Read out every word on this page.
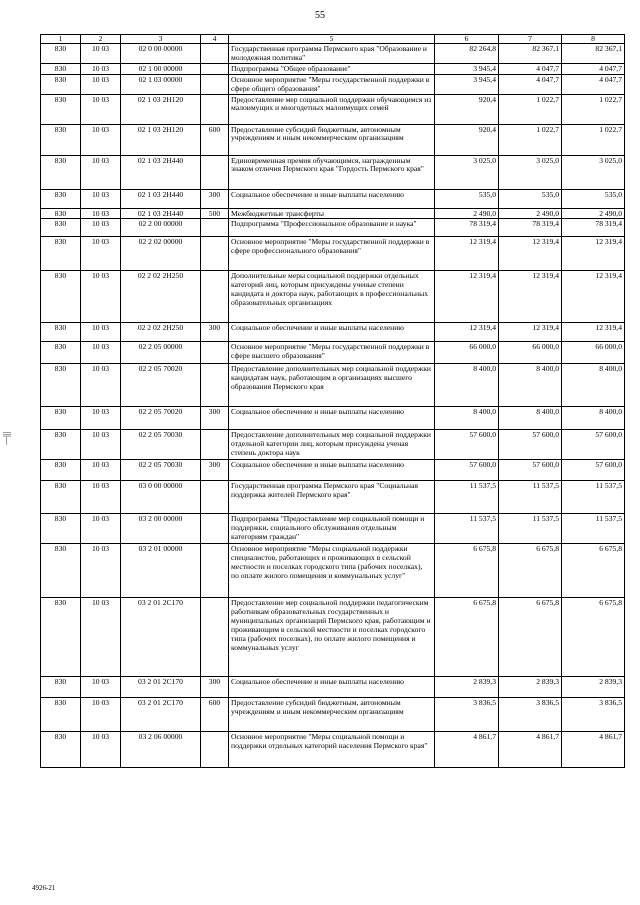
55
|||—
1	2	3	4	5	6	7	8
830	10 03	02 0 00 00000		Государственная программа Пермского края "Образование и молодежная политика"	82 264,8	82 367,1	82 367,1
830	10 03	02 1 00 00000		Подпрограмма "Общее образование"	3 945,4	4 047,7	4 047,7
830	10 03	02 1 03 00000		Основное мероприятие "Меры государственной поддержки в сфере общего образования"	3 945,4	4 047,7	4 047,7
830	10 03	02 1 03 2Н120		Предоставление мер социальной поддержки обучающимся из малоимущих и многодетных малоимущих семей	920,4	1 022,7	1 022,7
830	10 03	02 1 03 2Н120	600	Предоставление субсидий бюджетным, автономным учреждениям и иным некоммерческим организациям	920,4	1 022,7	1 022,7
830	10 03	02 1 03 2Н440		Единовременная премия обучающимся, награжденным знаком отличия Пермского края "Гордость Пермского края"	3 025,0	3 025,0	3 025,0
830	10 03	02 1 03 2Н440	300	Социальное обеспечение и иные выплаты населению	535,0	535,0	535,0
830	10 03	02 1 03 2Н440	500	Межбюджетные трансферты	2 490,0	2 490,0	2 490,0
830	10 03	02 2 00 00000		Подпрограмма "Профессиональное образование и наука"	78 319,4	78 319,4	78 319,4
830	10 03	02 2 02 00000		Основное мероприятие "Меры государственной поддержки в сфере профессионального образования"	12 319,4	12 319,4	12 319,4
830	10 03	02 2 02 2Н250		Дополнительные меры социальной поддержки отдельных категорий лиц, которым присуждены ученые степени кандидата и доктора наук, работающих в профессиональных образовательных организациях	12 319,4	12 319,4	12 319,4
830	10 03	02 2 02 2Н250	300	Социальное обеспечение и иные выплаты населению	12 319,4	12 319,4	12 319,4
830	10 03	02 2 05 00000		Основное мероприятие "Меры государственной поддержки в сфере высшего образования"	66 000,0	66 000,0	66 000,0
830	10 03	02 2 05 70020		Предоставление дополнительных мер социальной поддержки кандидатам наук, работающим в организациях высшего образования Пермского края	8 400,0	8 400,0	8 400,0
830	10 03	02 2 05 70020	300	Социальное обеспечение и иные выплаты населению	8 400,0	8 400,0	8 400,0
830	10 03	02 2 05 70030		Предоставление дополнительных мер социальной поддержки отдельной категории лиц, которым присуждена ученая степень доктора наук	57 600,0	57 600,0	57 600,0
830	10 03	02 2 05 70030	300	Социальное обеспечение и иные выплаты населению	57 600,0	57 600,0	57 600,0
830	10 03	03 0 00 00000		Государственная программа Пермского края "Социальная поддержка жителей Пермского края"	11 537,5	11 537,5	11 537,5
830	10 03	03 2 00 00000		Подпрограмма "Предоставление мер социальной помощи и поддержки, социального обслуживания отдельным категориям граждан"	11 537,5	11 537,5	11 537,5
830	10 03	03 2 01 00000		Основное мероприятие "Меры социальной поддержки специалистов, работающих и проживающих в сельской местности и поселках городского типа (рабочих поселках), по оплате жилого помещения и коммунальных услуг"	6 675,8	6 675,8	6 675,8
830	10 03	03 2 01 2С170		Предоставление мер социальной поддержки педагогическим работникам образовательных государственных и муниципальных организаций Пермского края, работающим и проживающим в сельской местности и поселках городского типа (рабочих поселках), по оплате жилого помещения и коммунальных услуг	6 675,8	6 675,8	6 675,8
830	10 03	03 2 01 2С170	300	Социальное обеспечение и иные выплаты населению	2 839,3	2 839,3	2 839,3
830	10 03	03 2 01 2С170	600	Предоставление субсидий бюджетным, автономным учреждениям и иным некоммерческим организациям	3 836,5	3 836,5	3 836,5
830	10 03	03 2 06 00000		Основное мероприятие "Меры социальной помощи и поддержки отдельных категорий населения Пермского края"	4 861,7	4 861,7	4 861,7
4926-21
